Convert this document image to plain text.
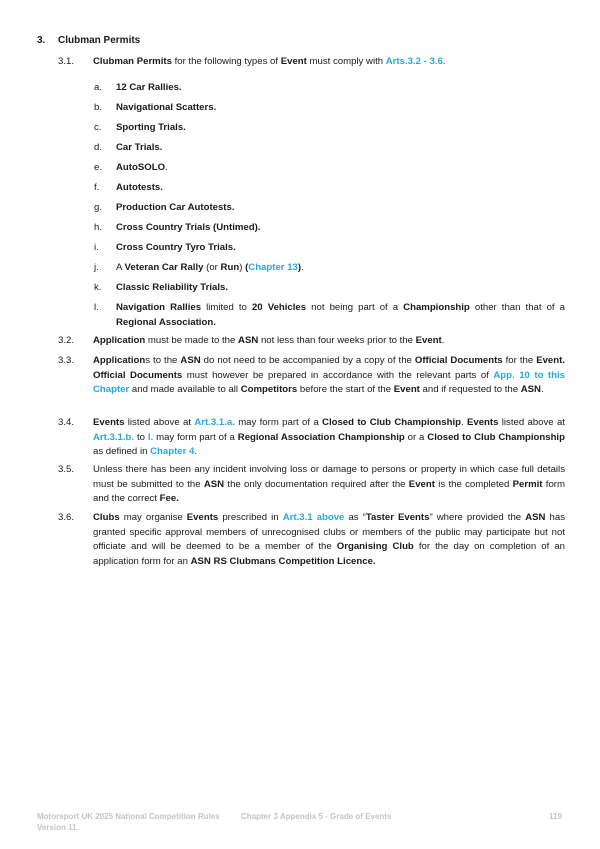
3. Clubman Permits
3.1. Clubman Permits for the following types of Event must comply with Arts.3.2 - 3.6.
a. 12 Car Rallies.
b. Navigational Scatters.
c. Sporting Trials.
d. Car Trials.
e. AutoSOLO.
f. Autotests.
g. Production Car Autotests.
h. Cross Country Trials (Untimed).
i. Cross Country Tyro Trials.
j. A Veteran Car Rally (or Run) (Chapter 13).
k. Classic Reliability Trials.
l. Navigation Rallies limited to 20 Vehicles not being part of a Championship other than that of a Regional Association.
3.2. Application must be made to the ASN not less than four weeks prior to the Event.
3.3. Applications to the ASN do not need to be accompanied by a copy of the Official Documents for the Event. Official Documents must however be prepared in accordance with the relevant parts of App. 10 to this Chapter and made available to all Competitors before the start of the Event and if requested to the ASN.
3.4. Events listed above at Art.3.1.a. may form part of a Closed to Club Championship. Events listed above at Art.3.1.b. to l. may form part of a Regional Association Championship or a Closed to Club Championship as defined in Chapter 4.
3.5. Unless there has been any incident involving loss or damage to persons or property in which case full details must be submitted to the ASN the only documentation required after the Event is the completed Permit form and the correct Fee.
3.6. Clubs may organise Events prescribed in Art.3.1 above as “Taster Events” where provided the ASN has granted specific approval members of unrecognised clubs or members of the public may participate but not officiate and will be deemed to be a member of the Organising Club for the day on completion of an application form for an ASN RS Clubmans Competition Licence.
Motorsport UK 2025 National Competition Rules
Version 11
Chapter 3 Appendix 5 - Grade of Events	119
